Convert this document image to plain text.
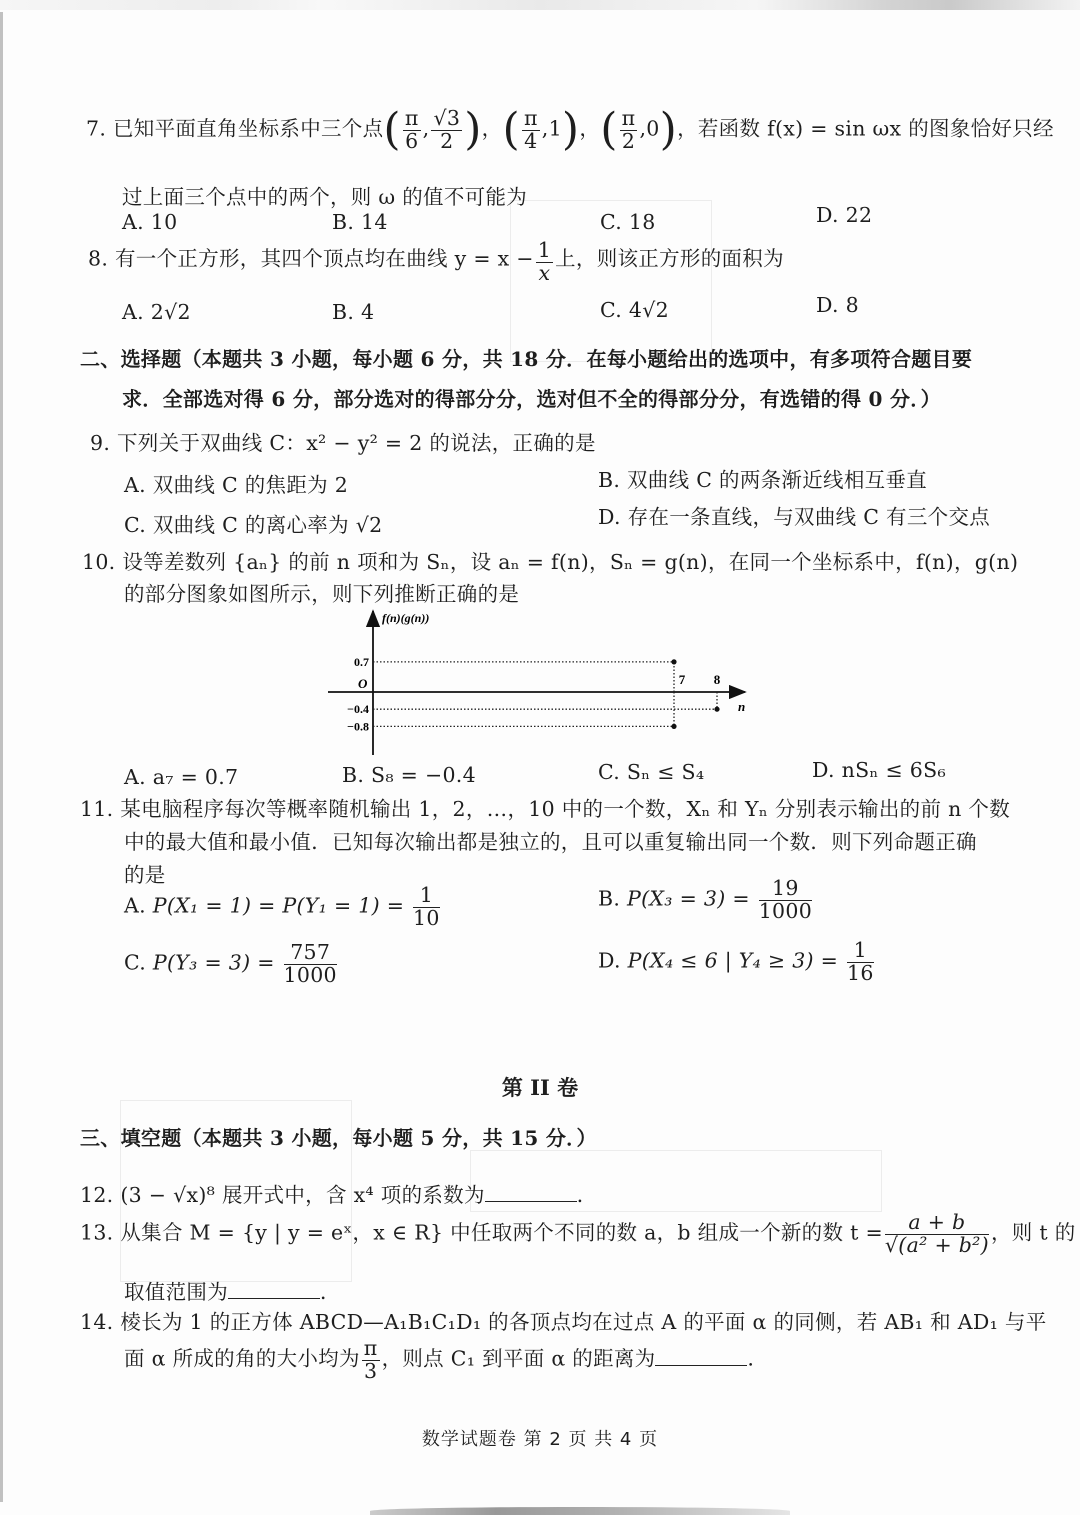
7. 已知平面直角坐标系中三个点( $\frac{\pi}{6}$ , $\frac{√3}{2}$ )，( $\frac{\pi}{4} ,1$)，( $\frac{\pi}{2} ,0$)，若函数 f(x) = sin ωx 的图象恰好只经
过上面三个点中的两个，则 ω 的值不可能为
A. 10	B. 14	C. 18	D. 22
8. 有一个正方形，其四个顶点均在曲线 $y = x - \frac{1}{x}$ 上，则该正方形的面积为
A. 2√2	B. 4	C. 4√2	D. 8
二、选择题（本题共 3 小题，每小题 6 分，共 18 分．在每小题给出的选项中，有多项符合题目要
求．全部选对得 6 分，部分选对的得部分分，选对但不全的得部分分，有选错的得 0 分．）
9. 下列关于双曲线 C：x² − y² = 2 的说法，正确的是
A. 双曲线 C 的焦距为 2	B. 双曲线 C 的两条渐近线相互垂直
C. 双曲线 C 的离心率为 √2	D. 存在一条直线，与双曲线 C 有三个交点
10. 设等差数列 {aₙ} 的前 n 项和为 Sₙ，设 aₙ = f(n)，Sₙ = g(n)，在同一个坐标系中，f(n)，g(n)
的部分图象如图所示，则下列推断正确的是
f(n)(g(n))
n
O
0.7
−0.4
−0.8
7 8
A. a₇ = 0.7	B. S₈ = −0.4	C. Sₙ ≤ S₄	D. nSₙ ≤ 6S₆
11. 某电脑程序每次等概率随机输出 1，2，…，10 中的一个数，Xₙ 和 Yₙ 分别表示输出的前 n 个数
中的最大值和最小值．已知每次输出都是独立的，且可以重复输出同一个数．则下列命题正确
的是
A. $P(X_1 = 1) = P(Y_1 = 1) = \frac{1}{10}$	B. $P(X_3 = 3) = \frac{19}{1000}$
C. $P(Y_3 = 3) = \frac{757}{1000}$	D. P(X₄ ≤ 6 | $Y_4 \ge 3) = \frac{1}{16}$
第 II 卷
三、填空题（本题共 3 小题，每小题 5 分，共 15 分．）
12. (3 − √x)⁸ 展开式中，含 x⁴ 项的系数为	．
13. 从集合 M = {y | y = eˣ，x ∈ R} 中任取两个不同的数 a，b 组成一个新的数 $t = \frac{a + b}{\text{√(a² + b²)}}$ ，则 t 的
取值范围为	．
14. 棱长为 1 的正方体 ABCD—A₁B₁C₁D₁ 的各顶点均在过点 A 的平面 α 的同侧，若 AB₁ 和 AD₁ 与平
面 α 所成的角的大小均为 $\frac{\pi}{3}$ ，则点 C₁ 到平面 α 的距离为	．
数学试题卷 第 2 页 共 4 页
